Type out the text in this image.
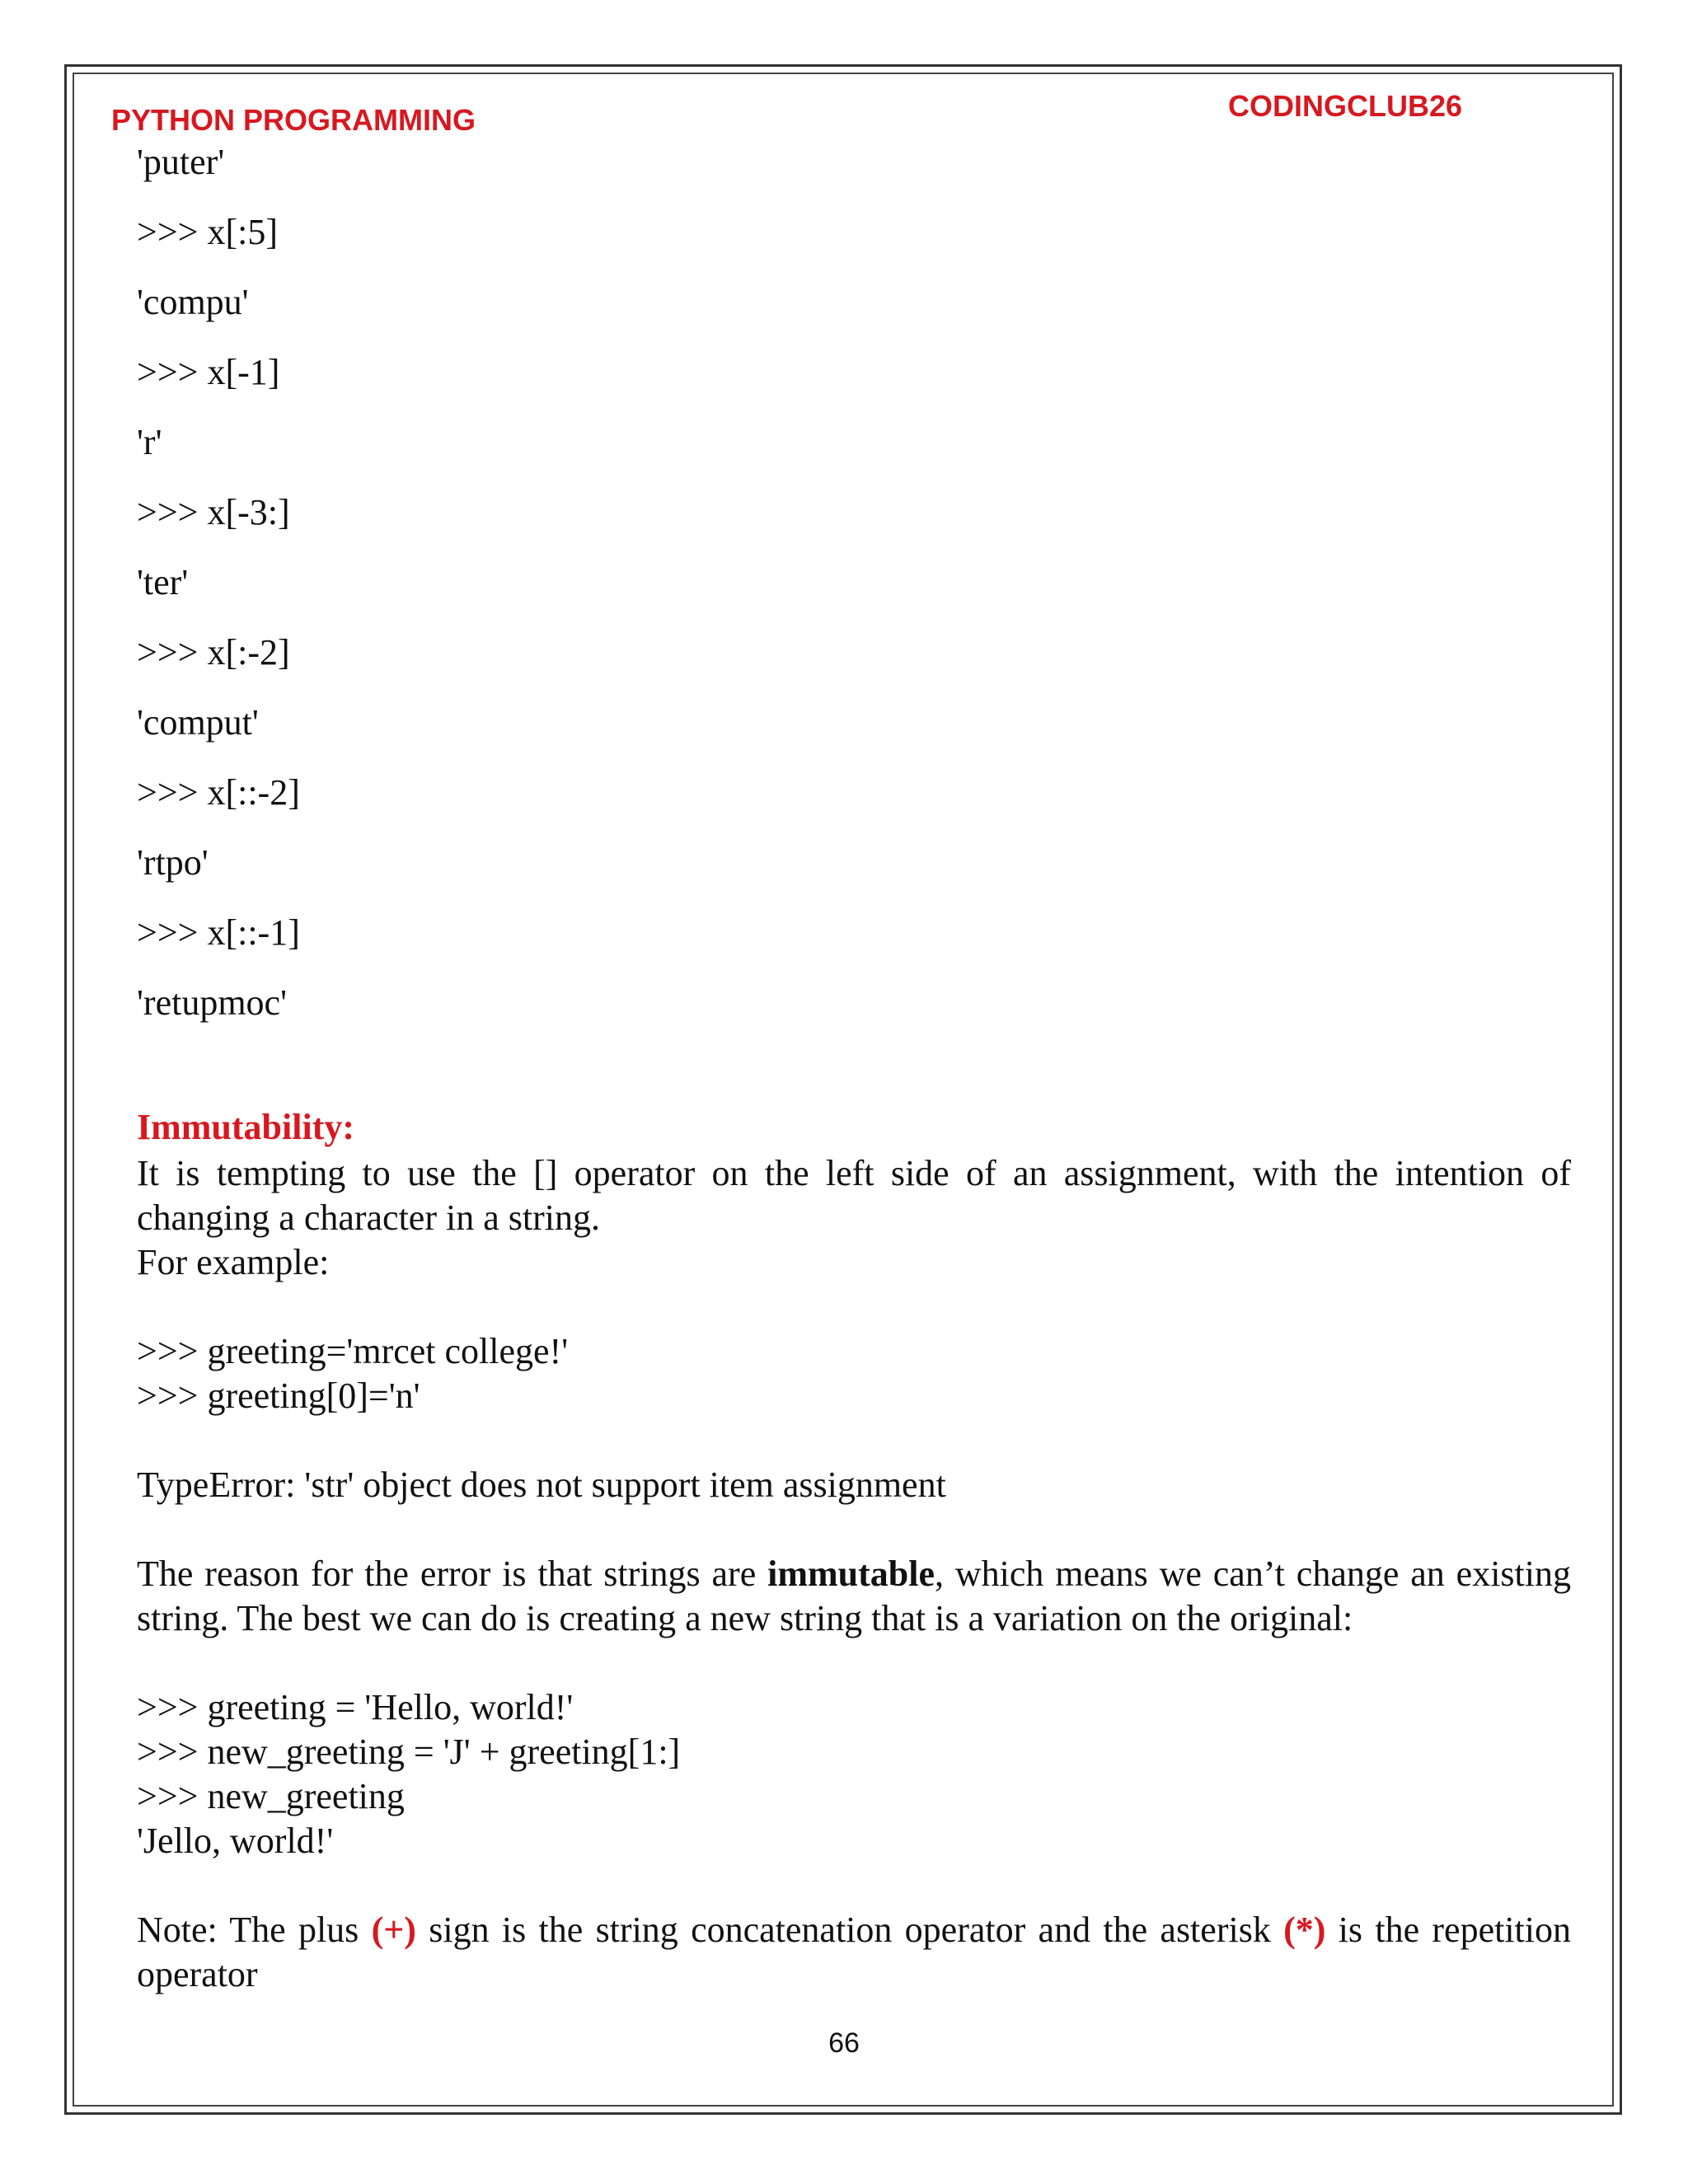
PYTHON PROGRAMMING	CODINGCLUB26
'puter'
>>> x[:5]
'compu'
>>> x[-1]
'r'
>>> x[-3:]
'ter'
>>> x[:-2]
'comput'
>>> x[::-2]
'rtpo'
>>> x[::-1]
'retupmoc'
Immutability:

It is tempting to use the [] operator on the left side of an assignment, with the intention of changing a character in a string.

For example:
>>> greeting='mrcet college!'
>>> greeting[0]='n'
TypeError: 'str' object does not support item assignment

The reason for the error is that strings are immutable, which means we can’t change an existing string. The best we can do is creating a new string that is a variation on the original:

>>> greeting = 'Hello, world!'
>>> new_greeting = 'J' + greeting[1:]
>>> new_greeting
'Jello, world!'

Note: The plus (+) sign is the string concatenation operator and the asterisk (*) is the repetition operator

66
